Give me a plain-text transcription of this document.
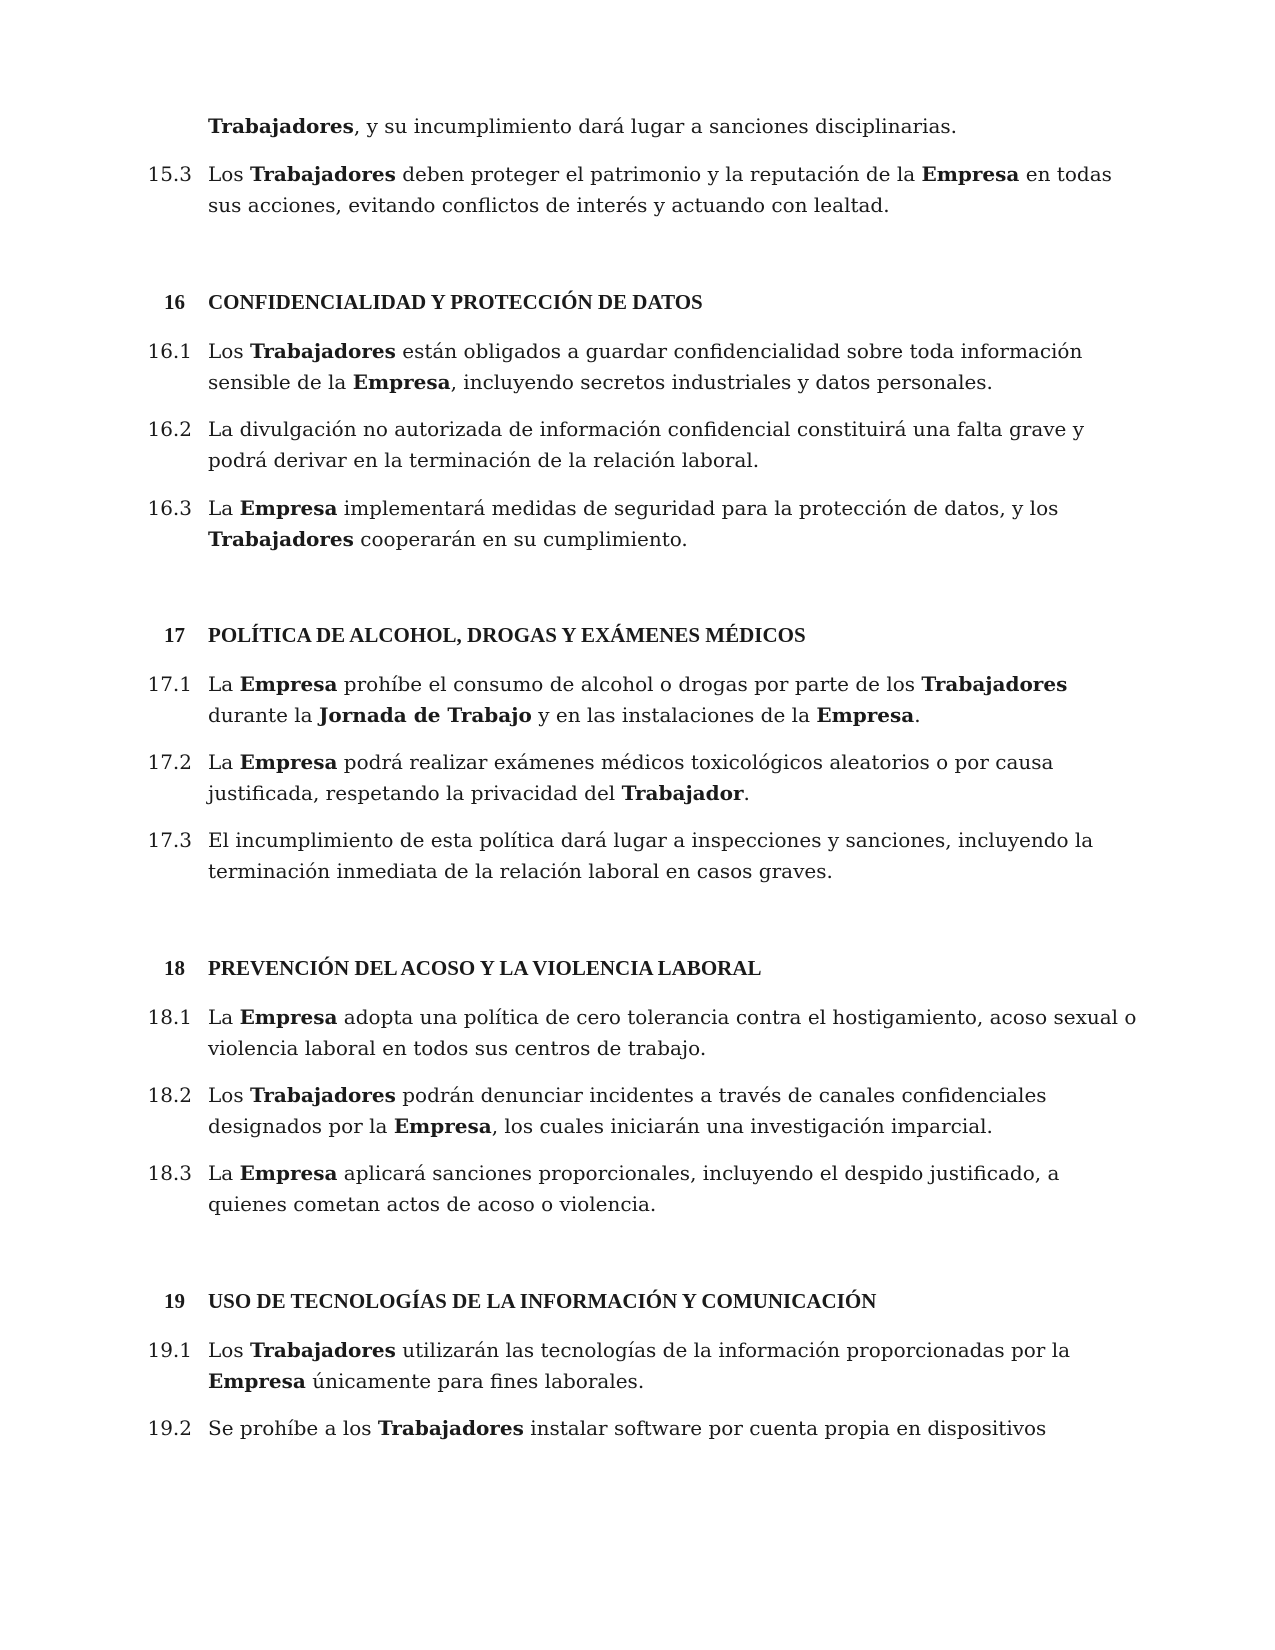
Trabajadores, y su incumplimiento dará lugar a sanciones disciplinarias.
15.3 Los Trabajadores deben proteger el patrimonio y la reputación de la Empresa en todas sus acciones, evitando conflictos de interés y actuando con lealtad.
16 CONFIDENCIALIDAD Y PROTECCIÓN DE DATOS
16.1 Los Trabajadores están obligados a guardar confidencialidad sobre toda información sensible de la Empresa, incluyendo secretos industriales y datos personales.
16.2 La divulgación no autorizada de información confidencial constituirá una falta grave y podrá derivar en la terminación de la relación laboral.
16.3 La Empresa implementará medidas de seguridad para la protección de datos, y los Trabajadores cooperarán en su cumplimiento.
17 POLÍTICA DE ALCOHOL, DROGAS Y EXÁMENES MÉDICOS
17.1 La Empresa prohíbe el consumo de alcohol o drogas por parte de los Trabajadores durante la Jornada de Trabajo y en las instalaciones de la Empresa.
17.2 La Empresa podrá realizar exámenes médicos toxicológicos aleatorios o por causa justificada, respetando la privacidad del Trabajador.
17.3 El incumplimiento de esta política dará lugar a inspecciones y sanciones, incluyendo la terminación inmediata de la relación laboral en casos graves.
18 PREVENCIÓN DEL ACOSO Y LA VIOLENCIA LABORAL
18.1 La Empresa adopta una política de cero tolerancia contra el hostigamiento, acoso sexual o violencia laboral en todos sus centros de trabajo.
18.2 Los Trabajadores podrán denunciar incidentes a través de canales confidenciales designados por la Empresa, los cuales iniciarán una investigación imparcial.
18.3 La Empresa aplicará sanciones proporcionales, incluyendo el despido justificado, a quienes cometan actos de acoso o violencia.
19 USO DE TECNOLOGÍAS DE LA INFORMACIÓN Y COMUNICACIÓN
19.1 Los Trabajadores utilizarán las tecnologías de la información proporcionadas por la Empresa únicamente para fines laborales.
19.2 Se prohíbe a los Trabajadores instalar software por cuenta propia en dispositivos
